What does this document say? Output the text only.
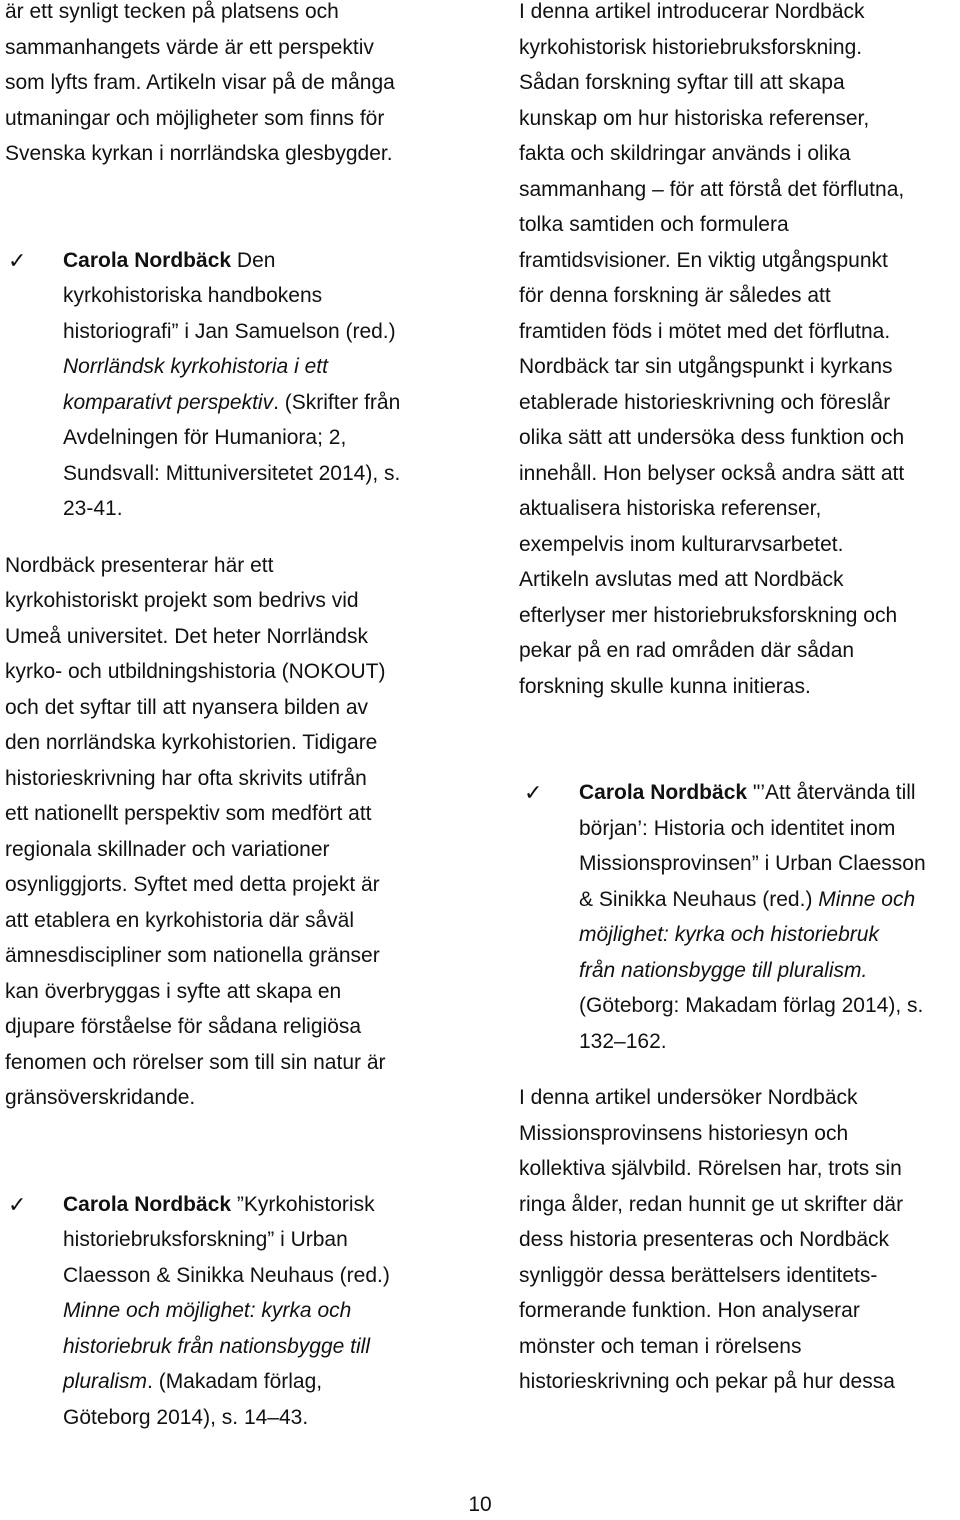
är ett synligt tecken på platsens och
sammanhangets värde är ett perspektiv
som lyfts fram. Artikeln visar på de många
utmaningar och möjligheter som finns för
Svenska kyrkan i norrländska glesbygder.
✓ Carola Nordbäck Den
kyrkohistoriska handbokens
historiografi” i Jan Samuelson (red.)
Norrländsk kyrkohistoria i ett
komparativt perspektiv. (Skrifter från
Avdelningen för Humaniora; 2,
Sundsvall: Mittuniversitetet 2014), s.
23-41.
Nordbäck presenterar här ett
kyrkohistoriskt projekt som bedrivs vid
Umeå universitet. Det heter Norrländsk
kyrko- och utbildningshistoria (NOKOUT)
och det syftar till att nyansera bilden av
den norrländska kyrkohistorien. Tidigare
historieskrivning har ofta skrivits utifrån
ett nationellt perspektiv som medfört att
regionala skillnader och variationer
osynliggjorts. Syftet med detta projekt är
att etablera en kyrkohistoria där såväl
ämnesdiscipliner som nationella gränser
kan överbryggas i syfte att skapa en
djupare förståelse för sådana religiösa
fenomen och rörelser som till sin natur är
gränsöverskridande.
✓ Carola Nordbäck ”Kyrkohistorisk
historiebruksforskning” i Urban
Claesson & Sinikka Neuhaus (red.)
Minne och möjlighet: kyrka och
historiebruk från nationsbygge till
pluralism. (Makadam förlag,
Göteborg 2014), s. 14–43.
I denna artikel introducerar Nordbäck
kyrkohistorisk historiebruksforskning.
Sådan forskning syftar till att skapa
kunskap om hur historiska referenser,
fakta och skildringar används i olika
sammanhang – för att förstå det förflutna,
tolka samtiden och formulera
framtidsvisioner. En viktig utgångspunkt
för denna forskning är således att
framtiden föds i mötet med det förflutna.
Nordbäck tar sin utgångspunkt i kyrkans
etablerade historieskrivning och föreslår
olika sätt att undersöka dess funktion och
innehåll. Hon belyser också andra sätt att
aktualisera historiska referenser,
exempelvis inom kulturarvsarbetet.
Artikeln avslutas med att Nordbäck
efterlyser mer historiebruksforskning och
pekar på en rad områden där sådan
forskning skulle kunna initieras.
✓ Carola Nordbäck "’Att återvända till
början’: Historia och identitet inom
Missionsprovinsen” i Urban Claesson
& Sinikka Neuhaus (red.) Minne och
möjlighet: kyrka och historiebruk
från nationsbygge till pluralism.
(Göteborg: Makadam förlag 2014), s.
132–162.
I denna artikel undersöker Nordbäck
Missionsprovinsens historiesyn och
kollektiva självbild. Rörelsen har, trots sin
ringa ålder, redan hunnit ge ut skrifter där
dess historia presenteras och Nordbäck
synliggör dessa berättelsers identitets-
formerande funktion. Hon analyserar
mönster och teman i rörelsens
historieskrivning och pekar på hur dessa
10
